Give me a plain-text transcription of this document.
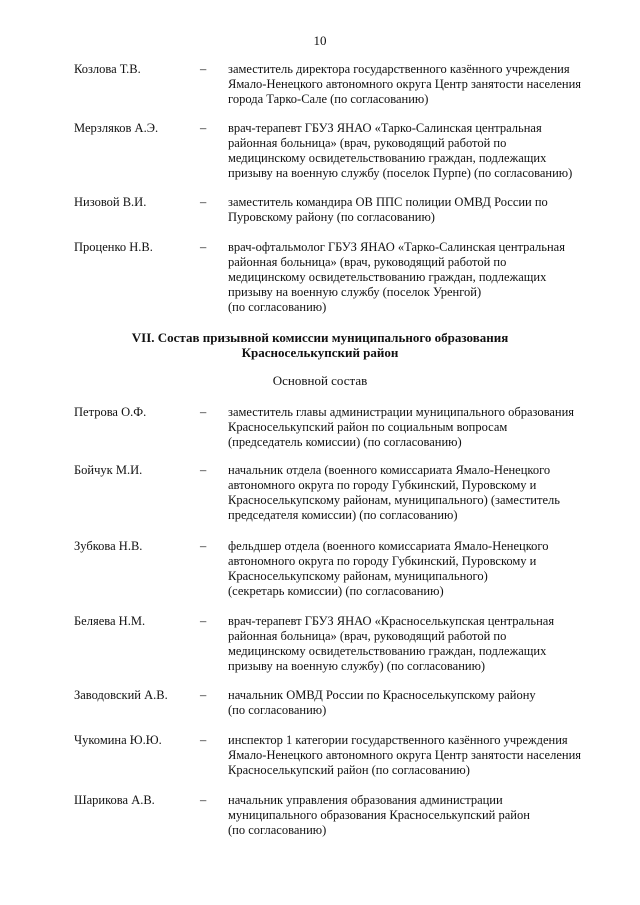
10
Козлова Т.В.	– заместитель директора государственного казённого учреждения
Ямало-Ненецкого автономного округа Центр занятости населения
города Тарко-Сале (по согласованию)
Мерзляков А.Э.	– врач-терапевт ГБУЗ ЯНАО «Тарко-Салинская центральная
районная больница» (врач, руководящий работой по
медицинскому освидетельствованию граждан, подлежащих
призыву на военную службу (поселок Пурпе) (по согласованию)
Низовой В.И.	– заместитель командира ОВ ППС полиции ОМВД России по
Пуровскому району (по согласованию)
Проценко Н.В.	– врач-офтальмолог ГБУЗ ЯНАО «Тарко-Салинская центральная
районная больница» (врач, руководящий работой по
медицинскому освидетельствованию граждан, подлежащих
призыву на военную службу (поселок Уренгой)
(по согласованию)
VII. Состав призывной комиссии муниципального образования
Красноселькупский район
Основной состав
Петрова О.Ф.	– заместитель главы администрации муниципального образования
Красноселькупский район по социальным вопросам
(председатель комиссии) (по согласованию)
Бойчук М.И.	– начальник отдела (военного комиссариата Ямало-Ненецкого
автономного округа по городу Губкинский, Пуровскому и
Красноселькупскому районам, муниципального) (заместитель
председателя комиссии) (по согласованию)
Зубкова Н.В.	– фельдшер отдела (военного комиссариата Ямало-Ненецкого
автономного округа по городу Губкинский, Пуровскому и
Красноселькупскому районам, муниципального)
(секретарь комиссии) (по согласованию)
Беляева Н.М.	– врач-терапевт ГБУЗ ЯНАО «Красноселькупская центральная
районная больница» (врач, руководящий работой по
медицинскому освидетельствованию граждан, подлежащих
призыву на военную службу) (по согласованию)
Заводовский А.В.	– начальник ОМВД России по Красноселькупскому району
(по согласованию)
Чукомина Ю.Ю.	– инспектор 1 категории государственного казённого учреждения
Ямало-Ненецкого автономного округа Центр занятости населения
Красноселькупский район (по согласованию)
Шарикова А.В.	– начальник управления образования администрации
муниципального образования Красноселькупский район
(по согласованию)
